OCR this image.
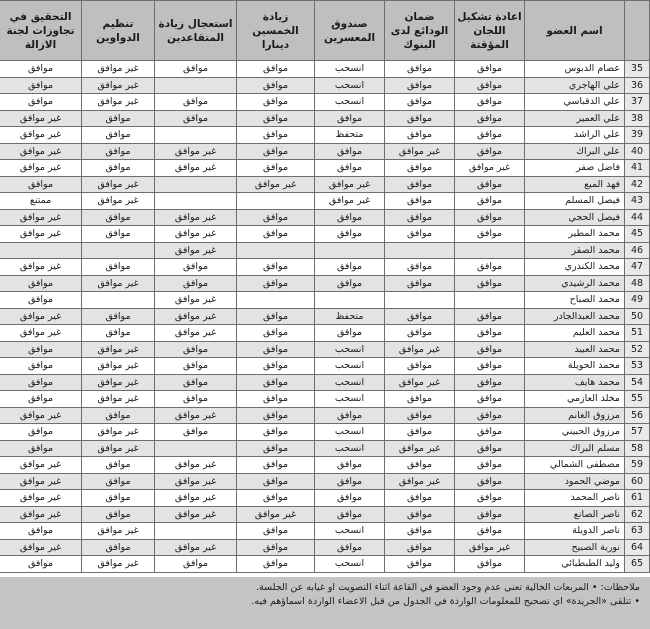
	اسم العضو	اعادة تشكيل اللجان المؤقتة	ضمان الودائع لدى البنوك	صندوق المعسرين	زيادة الخمسين دينارا	استعجال زيادة المتقاعدين	تنظيم الدواوين	التحقيق في تجاوزات لجنة الازالة
35	عصام الدبوس	موافق	موافق	انسحب	موافق	موافق	غير موافق	موافق
36	علي الهاجري	موافق	موافق	انسحب	موافق		غير موافق	موافق
37	علي الدقباسي	موافق	موافق	انسحب	موافق	موافق	غير موافق	موافق
38	علي العمير	موافق	موافق	موافق	موافق	موافق	موافق	غير موافق
39	علي الراشد	موافق	موافق	متحفظ	موافق		موافق	غير موافق
40	علي البراك	موافق	غير موافق	موافق	موافق	غير موافق	موافق	غير موافق
41	فاضل صفر	غير موافق	موافق	موافق	موافق	غير موافق	موافق	غير موافق
42	فهد الميع	موافق	موافق	غير موافق	غير موافق		غير موافق	موافق
43	فيصل المسلم	موافق	موافق	غير موافق			غير موافق	ممتنع
44	فيصل الحجي	موافق	موافق	موافق	موافق	غير موافق	موافق	غير موافق
45	محمد المطير	موافق	موافق	موافق	موافق	غير موافق	موافق	غير موافق
46	محمد الصقر					غير موافق		
47	محمد الكندري	موافق	موافق	موافق	موافق	موافق	موافق	غير موافق
48	محمد الرشيدي	موافق	موافق	موافق	موافق	موافق	غير موافق	موافق
49	محمد الصباح					غير موافق		موافق
50	محمد العبدالجادر	موافق	موافق	متحفظ	موافق	غير موافق	موافق	غير موافق
51	محمد العليم	موافق	موافق	موافق	موافق	غير موافق	موافق	غير موافق
52	محمد العبيد	موافق	غير موافق	انسحب	موافق	موافق	غير موافق	موافق
53	محمد الحويلة	موافق	موافق	انسحب	موافق	موافق	غير موافق	موافق
54	محمد هايف	موافق	غير موافق	انسحب	موافق	موافق	غير موافق	موافق
55	مخلد العازمي	موافق	موافق	انسحب	موافق	موافق	غير موافق	موافق
56	مرزوق الغانم	موافق	موافق	موافق	موافق	غير موافق	موافق	غير موافق
57	مرزوق الحبيني	موافق	موافق	انسحب	موافق	موافق	غير موافق	موافق
58	مسلم البراك	موافق	غير موافق	انسحب	موافق		غير موافق	موافق
59	مصطفى الشمالي	موافق	موافق	موافق	موافق	غير موافق	موافق	غير موافق
60	موضي الحمود	موافق	غير موافق	موافق	موافق	غير موافق	موافق	غير موافق
61	ناصر المحمد	موافق	موافق	موافق	موافق	غير موافق	موافق	غير موافق
62	ناصر الصانع	موافق	موافق	موافق	غير موافق	غير موافق	موافق	غير موافق
63	ناصر الدويلة	موافق	موافق	انسحب	موافق		غير موافق	موافق
64	نورية الصبيح	غير موافق	موافق	موافق	موافق	غير موافق	موافق	غير موافق
65	وليد الطبطبائي	موافق	موافق	انسحب	موافق	موافق	غير موافق	موافق
ملاحظات: • المربعات الخالية تعني عدم وجود العضو في القاعة اثناء التصويت او غيابه عن الجلسة.
• تتلقى «الجريدة» اي تصحيح للمعلومات الواردة في الجدول من قبل الاعضاء الواردة اسماؤهم فيه.
